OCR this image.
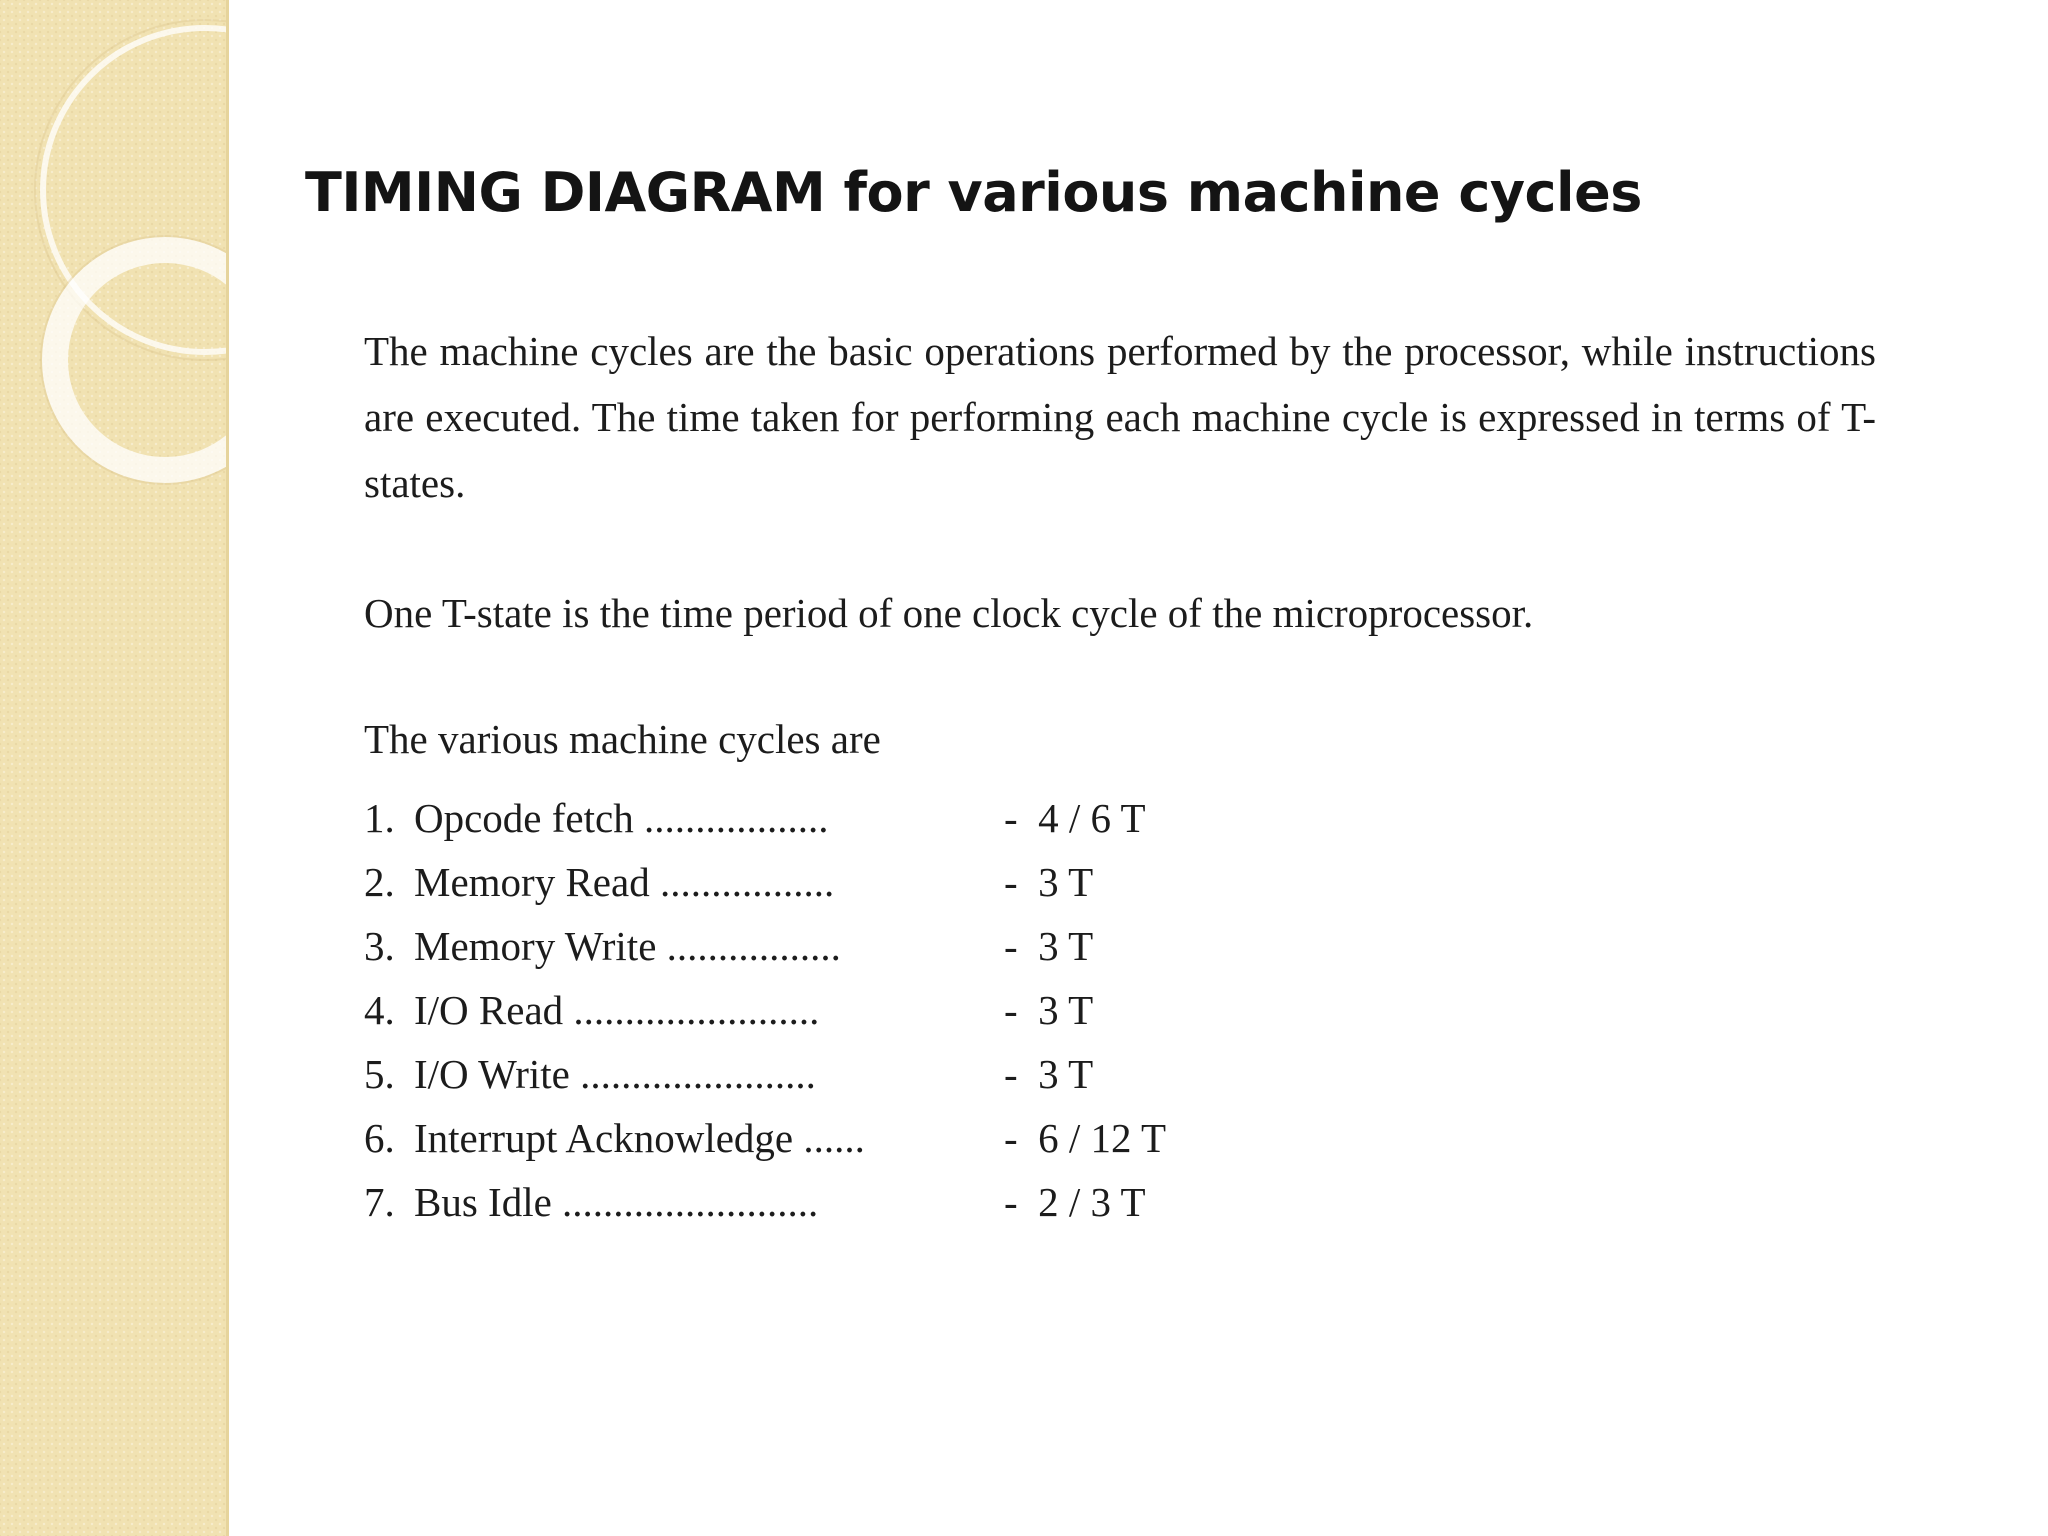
TIMING DIAGRAM for various machine cycles

The machine cycles are the basic operations performed by the processor, while instructions are executed. The time taken for performing each machine cycle is expressed in terms of T-states.

One T-state is the time period of one clock cycle of the microprocessor.

The various machine cycles are

1. Opcode fetch ..................	-  4 / 6 T
2. Memory Read .................	-  3 T
3. Memory Write .................	-  3 T
4. I/O Read ........................	-  3 T
5. I/O Write .......................	-  3 T
6. Interrupt Acknowledge ......	-  6 / 12 T
7. Bus Idle .........................	-  2 / 3 T
